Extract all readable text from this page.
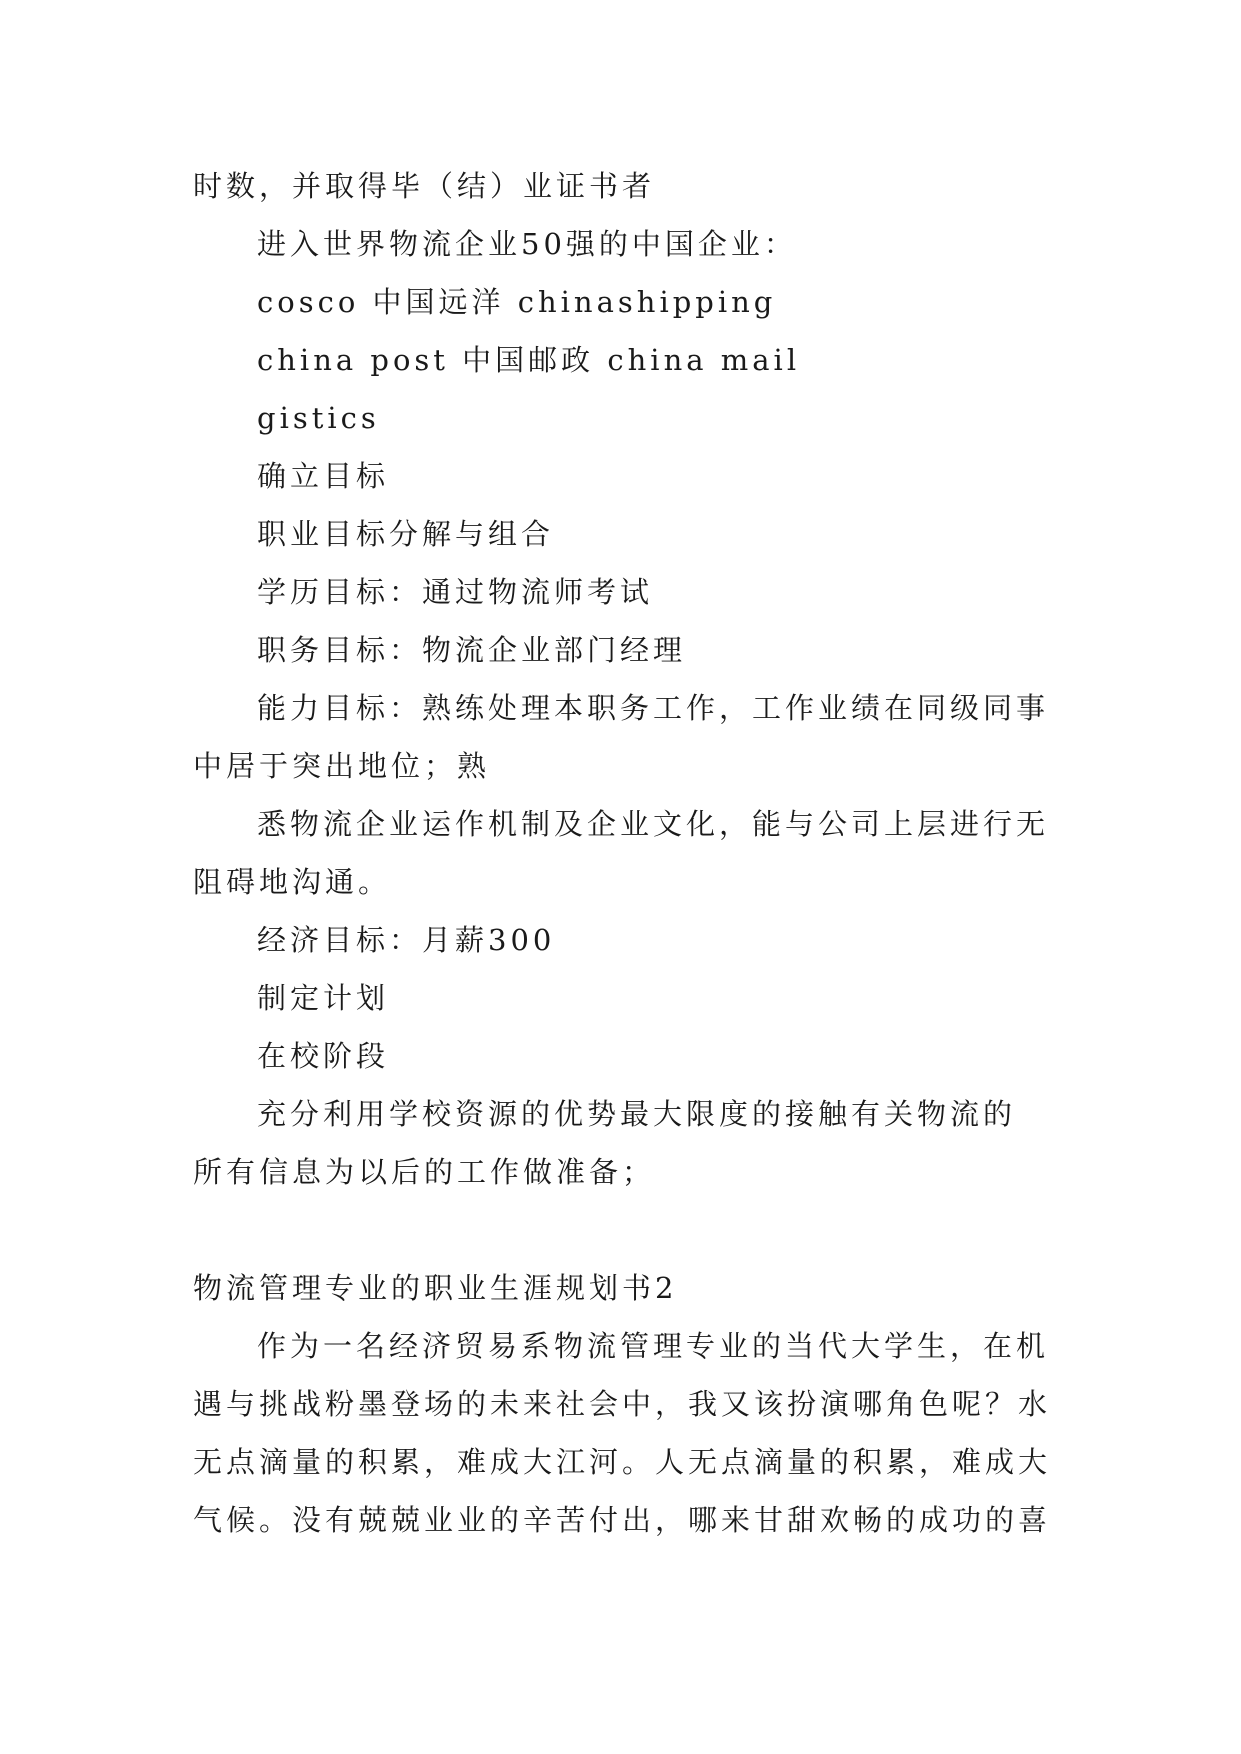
时数，并取得毕（结）业证书者
进入世界物流企业50强的中国企业：
cosco 中国远洋 chinashipping
china post 中国邮政 china mail
gistics
确立目标
职业目标分解与组合
学历目标：通过物流师考试
职务目标：物流企业部门经理
能力目标：熟练处理本职务工作，工作业绩在同级同事
中居于突出地位；熟
悉物流企业运作机制及企业文化，能与公司上层进行无
阻碍地沟通。
经济目标：月薪300
制定计划
在校阶段
充分利用学校资源的优势最大限度的接触有关物流的
所有信息为以后的工作做准备；
物流管理专业的职业生涯规划书2
作为一名经济贸易系物流管理专业的当代大学生，在机
遇与挑战粉墨登场的未来社会中，我又该扮演哪角色呢？水
无点滴量的积累，难成大江河。人无点滴量的积累，难成大
气候。没有兢兢业业的辛苦付出，哪来甘甜欢畅的成功的喜
